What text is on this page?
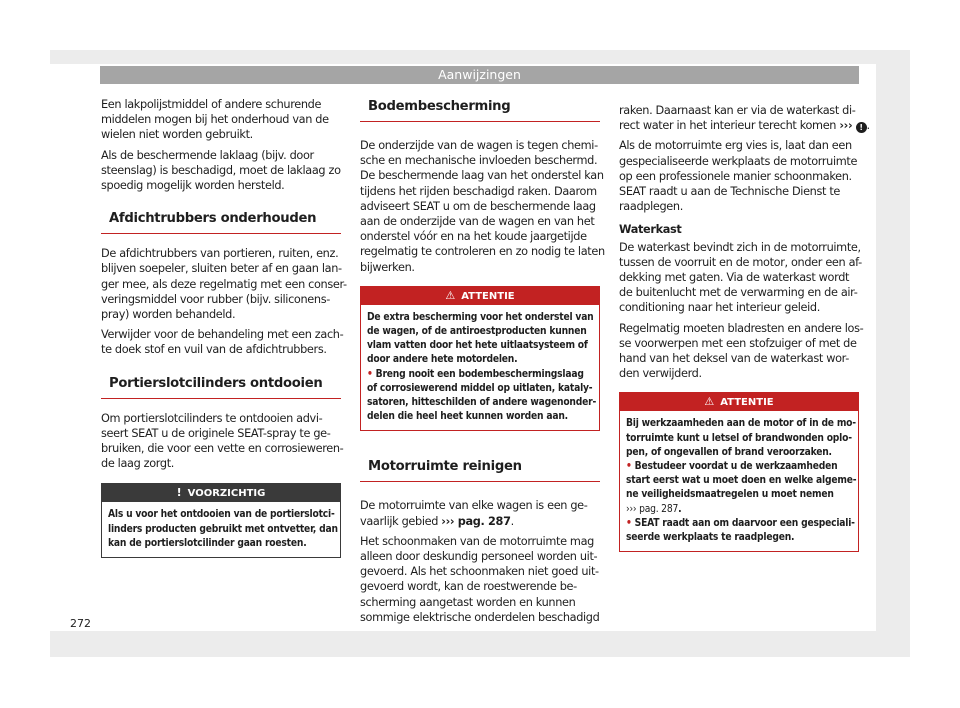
Aanwijzingen

Een lakpolijstmiddel of andere schurende
middelen mogen bij het onderhoud van de
wielen niet worden gebruikt.

Als de beschermende laklaag (bijv. door
steenslag) is beschadigd, moet de laklaag zo
spoedig mogelijk worden hersteld.

Afdichtrubbers onderhouden

De afdichtrubbers van portieren, ruiten, enz.
blijven soepeler, sluiten beter af en gaan lan-
ger mee, als deze regelmatig met een conser-
veringsmiddel voor rubber (bijv. siliconens-
pray) worden behandeld.

Verwijder voor de behandeling met een zach-
te doek stof en vuil van de afdichtrubbers.

Portierslotcilinders ontdooien

Om portierslotcilinders te ontdooien advi-
seert SEAT u de originele SEAT-spray te ge-
bruiken, die voor een vette en corrosieweren-
de laag zorgt.

! VOORZICHTIG
Als u voor het ontdooien van de portierslotci-
linders producten gebruikt met ontvetter, dan
kan de portierslotcilinder gaan roesten.
Bodembescherming

De onderzijde van de wagen is tegen chemi-
sche en mechanische invloeden beschermd.
De beschermende laag van het onderstel kan
tijdens het rijden beschadigd raken. Daarom
adviseert SEAT u om de beschermende laag
aan de onderzijde van de wagen en van het
onderstel vóór en na het koude jaargetijde
regelmatig te controleren en zo nodig te laten
bijwerken.

⚠ ATTENTIE
De extra bescherming voor het onderstel van
de wagen, of de antiroestproducten kunnen
vlam vatten door het hete uitlaatsysteem of
door andere hete motordelen.
• Breng nooit een bodembeschermingslaag
of corrosiewerend middel op uitlaten, kataly-
satoren, hitteschilden of andere wagenonder-
delen die heel heet kunnen worden aan.
Motorruimte reinigen

De motorruimte van elke wagen is een ge-
vaarlijk gebied ››› pag. 287.

Het schoonmaken van de motorruimte mag
alleen door deskundig personeel worden uit-
gevoerd. Als het schoonmaken niet goed uit-
gevoerd wordt, kan de roestwerende be-
scherming aangetast worden en kunnen
sommige elektrische onderdelen beschadigd

raken. Daarnaast kan er via de waterkast di-
rect water in het interieur terecht komen ››› ! .

Als de motorruimte erg vies is, laat dan een
gespecialiseerde werkplaats de motorruimte
op een professionele manier schoonmaken.
SEAT raadt u aan de Technische Dienst te
raadplegen.

Waterkast

De waterkast bevindt zich in de motorruimte,
tussen de voorruit en de motor, onder een af-
dekking met gaten. Via de waterkast wordt
de buitenlucht met de verwarming en de air-
conditioning naar het interieur geleid.

Regelmatig moeten bladresten en andere los-
se voorwerpen met een stofzuiger of met de
hand van het deksel van de waterkast wor-
den verwijderd.

⚠ ATTENTIE
Bij werkzaamheden aan de motor of in de mo-
torruimte kunt u letsel of brandwonden oplo-
pen, of ongevallen of brand veroorzaken.
• Bestudeer voordat u de werkzaamheden
start eerst wat u moet doen en welke algeme-
ne veiligheidsmaatregelen u moet nemen
››› pag. 287.
• SEAT raadt aan om daarvoor een gespeciali-
seerde werkplaats te raadplegen.
272
